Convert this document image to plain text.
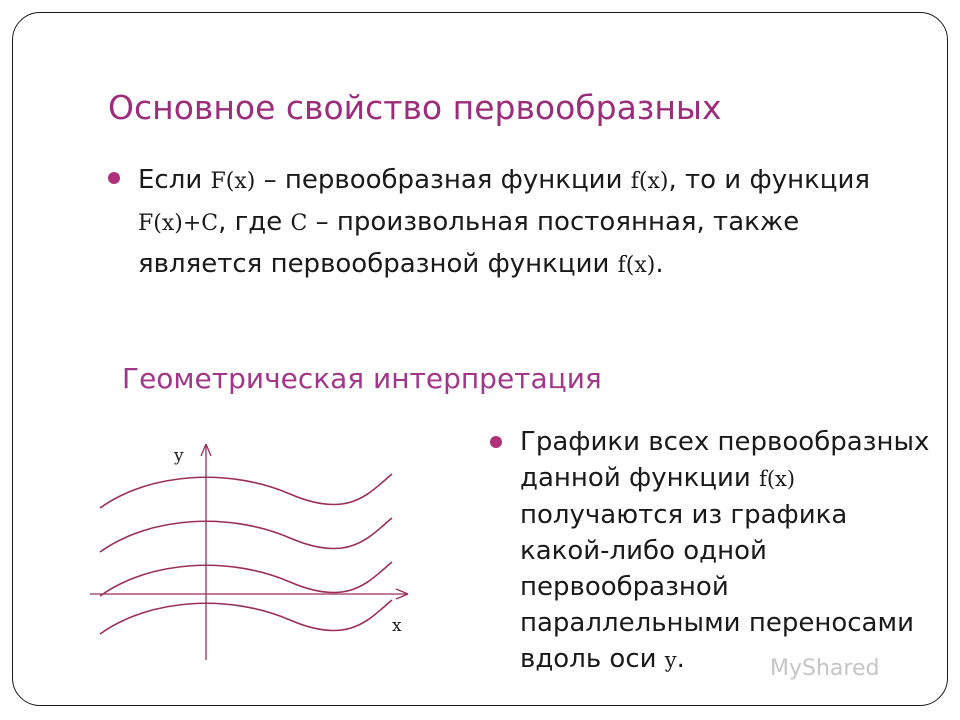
Основное свойство первообразных
Если F(x) – первообразная функции f(x), то и функция F(x)+C, где C – произвольная постоянная, также является первообразной функции f(x).
Геометрическая интерпретация
y
x
Графики всех первообразных данной функции f(x) получаются из графика какой-либо одной первообразной параллельными переносами вдоль оси y.	MyShared
